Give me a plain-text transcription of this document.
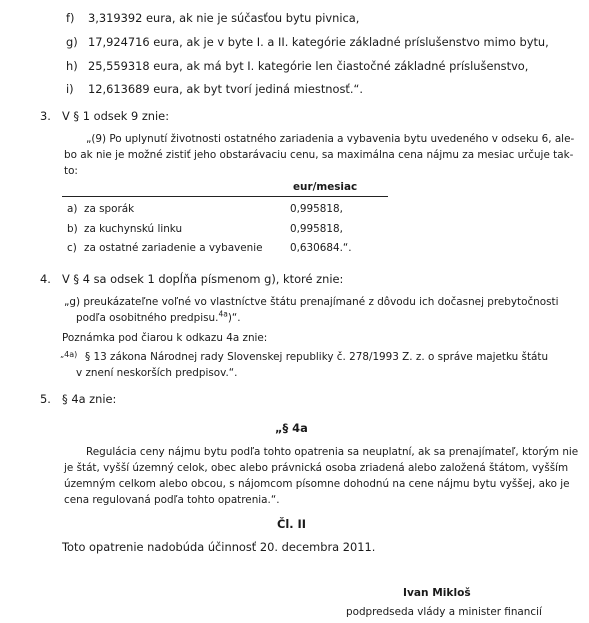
f) 3,319392 eura, ak nie je súčasťou bytu pivnica,
g) 17,924716 eura, ak je v byte I. a II. kategórie základné príslušenstvo mimo bytu,
h) 25,559318 eura, ak má byt I. kategórie len čiastočné základné príslušenstvo,
i) 12,613689 eura, ak byt tvorí jediná miestnosť.“.
3. V § 1 odsek 9 znie:
„(9) Po uplynutí životnosti ostatného zariadenia a vybavenia bytu uvedeného v odseku 6, ale-
bo ak nie je možné zistiť jeho obstarávaciu cenu, sa maximálna cena nájmu za mesiac určuje tak-
to:
eur/mesiac
a) za sporák	0,995818,
b) za kuchynskú linku	0,995818,
c) za ostatné zariadenie a vybavenie	0,630684.“.
4. V § 4 sa odsek 1 dopĺňa písmenom g), ktoré znie:
„g) preukázateľne voľné vo vlastníctve štátu prenajímané z dôvodu ich dočasnej prebytočnosti
podľa osobitného predpisu.$^{4a}$)“.
Poznámka pod čiarou k odkazu 4a znie:
„4a) § 13 zákona Národnej rady Slovenskej republiky č. 278/1993 Z. z. o správe majetku štátu
v znení neskorších predpisov.“.
5. § 4a znie:
„§ 4a
Regulácia ceny nájmu bytu podľa tohto opatrenia sa neuplatní, ak sa prenajímateľ, ktorým nie
je štát, vyšší územný celok, obec alebo právnická osoba zriadená alebo založená štátom, vyšším
územným celkom alebo obcou, s nájomcom písomne dohodnú na cene nájmu bytu vyššej, ako je
cena regulovaná podľa tohto opatrenia.“.
Čl. II
Toto opatrenie nadobúda účinnosť 20. decembra 2011.
Ivan Mikloš
podpredseda vlády a minister financií
